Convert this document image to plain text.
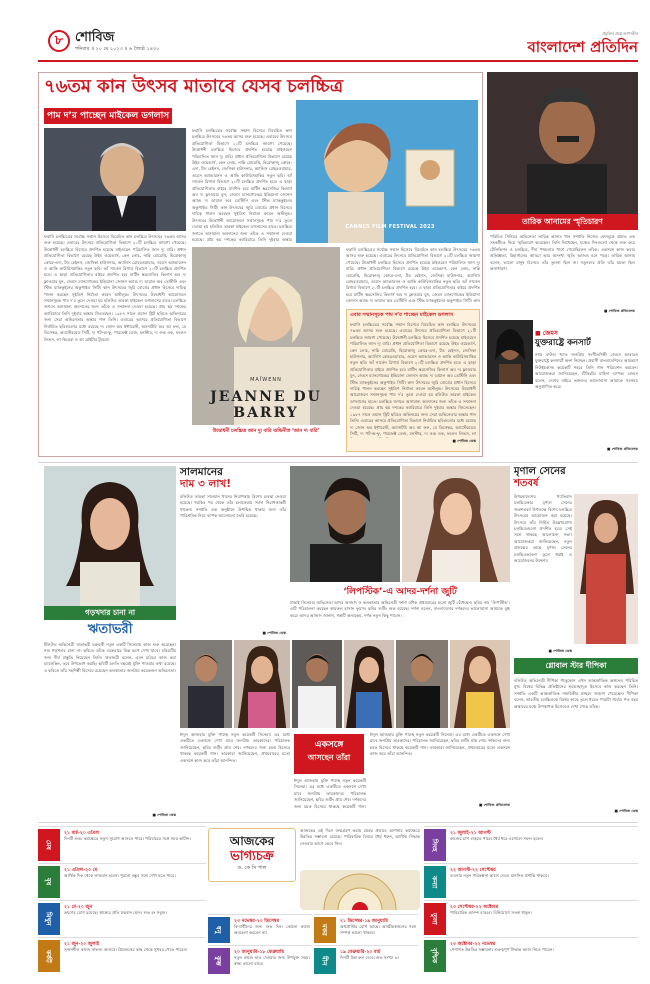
৮ শোবিজ
শনিবার ॥ ২০ মে ২০২৩ ॥ ৬ জ্যৈষ্ঠ ১৪৩০
প্রযুক্তির প্রশ্নে আপসহীন
বাংলাদেশ প্রতিদিন
৭৬তম কান উৎসব মাতাবে যেসব চলচ্চিত্র
পাম দ’র পাচ্ছেন মাইকেল ডগলাস
ফরাসি চলচ্চিত্রের সর্বোচ্চ সম্মান হিসেবে বিবেচিত কান চলচ্চিত্র উৎসবের ৭৬তম আসর শুরু হয়েছে। এবারের উৎসবে প্রতিযোগিতা বিভাগে ২১টি চলচ্চিত্র জায়গা পেয়েছে। উদ্বোধনী চলচ্চিত্র হিসেবে প্রদর্শিত হয়েছে মাইওয়েন পরিচালিত জান দ্যু বারি। প্রধান প্রতিযোগিতা বিভাগে রয়েছে উইম ওয়েন্ডার্স, কেন লোচ, নান্নি মোরেত্তি, হিরোকাজু কোরে-এদা, টড হেইনস, জেসিকা হাউসনার, অ্যালিস রোহরওয়াচার, ওয়েস অ্যান্ডারসন ও আকি কাউরিসমাকির নতুন ছবি। আঁ সার্তেন রিগার্ড বিভাগে ২০টি চলচ্চিত্র প্রদর্শিত হবে। এ ছাড়া প্রতিযোগিতার বাইরে প্রদর্শিত হবে মার্টিন স্করসেজির কিলার্স অব দ্য ফ্লাওয়ার মুন, জেমস ম্যানগোল্ডের ইন্ডিয়ানা জোনস অ্যান্ড দ্য ডায়াল অব ডেস্টিনি এবং স্টিভ ম্যাককুইনের অকুপাইড সিটি। কান উৎসবের জুরি বোর্ডের প্রধান হিসেবে দায়িত্ব পালন করছেন সুইডিশ নির্মাতা রুবেন অস্টলুন্ড। উৎসবের উদ্বোধনী আয়োজনে সম্মানসূচক পাম দ’র তুলে দেওয়া হয় হলিউড তারকা মাইকেল ডগলাসের হাতে। চলচ্চিত্র জগতে অসামান্য অবদানের জন্য তাঁকে এ সম্মাননা দেওয়া হয়েছে। প্রায় ছয় দশকের ক্যারিয়ারে তিনি দুইবার অস্কার জিতেছেন। ১৯৮৭ সালে ওয়াল স্ট্রিট ছবিতে অভিনয়ের জন্য সেরা অভিনেতার অস্কার পান তিনি। এবারের আসরে প্রতিযোগিতা বিভাগে নির্বাচিত ছবিগুলোর মধ্যে রয়েছে দ্য জোন অব ইন্টারেস্ট, অ্যানাটমি অব আ ফল, মে ডিসেম্বর, অ্যাস্টেরয়েড সিটি, দ্য পট-অ-ফু, পারফেক্ট ডেজ, মনস্টার, দ্য ওল্ড ওক, ফলেন লিভস, লা কিমেরা ও আ ব্রাইটার টুমরো।
ফরাসি চলচ্চিত্রের সর্বোচ্চ সম্মান হিসেবে বিবেচিত কান চলচ্চিত্র উৎসবের ৭৬তম আসর শুরু হয়েছে। এবারের উৎসবে প্রতিযোগিতা বিভাগে ২১টি চলচ্চিত্র জায়গা পেয়েছে। উদ্বোধনী চলচ্চিত্র হিসেবে প্রদর্শিত হয়েছে মাইওয়েন পরিচালিত জান দ্যু বারি। প্রধান প্রতিযোগিতা বিভাগে রয়েছে উইম ওয়েন্ডার্স, কেন লোচ, নান্নি মোরেত্তি, হিরোকাজু কোরে-এদা, টড হেইনস, জেসিকা হাউসনার, অ্যালিস রোহরওয়াচার, ওয়েস অ্যান্ডারসন ও আকি কাউরিসমাকির নতুন ছবি। আঁ সার্তেন রিগার্ড বিভাগে ২০টি চলচ্চিত্র প্রদর্শিত হবে। এ ছাড়া প্রতিযোগিতার বাইরে প্রদর্শিত হবে মার্টিন স্করসেজির কিলার্স অব দ্য ফ্লাওয়ার মুন, জেমস ম্যানগোল্ডের ইন্ডিয়ানা জোনস অ্যান্ড দ্য ডায়াল অব ডেস্টিনি এবং স্টিভ ম্যাককুইনের অকুপাইড সিটি। কান উৎসবের জুরি বোর্ডের প্রধান হিসেবে দায়িত্ব পালন করছেন সুইডিশ নির্মাতা রুবেন অস্টলুন্ড। উৎসবের উদ্বোধনী আয়োজনে সম্মানসূচক পাম দ’র তুলে দেওয়া হয় হলিউড তারকা মাইকেল ডগলাসের হাতে। চলচ্চিত্র জগতে অসামান্য অবদানের জন্য তাঁকে এ সম্মাননা দেওয়া হয়েছে। প্রায় ছয় দশকের ক্যারিয়ারে তিনি দুইবার অস্কার
CANNES FILM FESTIVAL 2023
MAÏWENN
JEANNE DU BARRY
উদ্বোধনী চলচ্চিত্র জান দ্যু বারি অভিনীত ‘জান দ্য বারি’
ফরাসি চলচ্চিত্রের সর্বোচ্চ সম্মান হিসেবে বিবেচিত কান চলচ্চিত্র উৎসবের ৭৬তম আসর শুরু হয়েছে। এবারের উৎসবে প্রতিযোগিতা বিভাগে ২১টি চলচ্চিত্র জায়গা পেয়েছে। উদ্বোধনী চলচ্চিত্র হিসেবে প্রদর্শিত হয়েছে মাইওয়েন পরিচালিত জান দ্যু বারি। প্রধান প্রতিযোগিতা বিভাগে রয়েছে উইম ওয়েন্ডার্স, কেন লোচ, নান্নি মোরেত্তি, হিরোকাজু কোরে-এদা, টড হেইনস, জেসিকা হাউসনার, অ্যালিস রোহরওয়াচার, ওয়েস অ্যান্ডারসন ও আকি কাউরিসমাকির নতুন ছবি। আঁ সার্তেন রিগার্ড বিভাগে ২০টি চলচ্চিত্র প্রদর্শিত হবে। এ ছাড়া প্রতিযোগিতার বাইরে প্রদর্শিত হবে মার্টিন স্করসেজির কিলার্স অব দ্য ফ্লাওয়ার মুন, জেমস ম্যানগোল্ডের ইন্ডিয়ানা জোনস অ্যান্ড দ্য ডায়াল অব ডেস্টিনি এবং স্টিভ ম্যাককুইনের অকুপাইড সিটি। কান
এবার সম্মানসূচক পাম দ’র পাচ্ছেন মাইকেল ডগলাস
ফরাসি চলচ্চিত্রের সর্বোচ্চ সম্মান হিসেবে বিবেচিত কান চলচ্চিত্র উৎসবের ৭৬তম আসর শুরু হয়েছে। এবারের উৎসবে প্রতিযোগিতা বিভাগে ২১টি চলচ্চিত্র জায়গা পেয়েছে। উদ্বোধনী চলচ্চিত্র হিসেবে প্রদর্শিত হয়েছে মাইওয়েন পরিচালিত জান দ্যু বারি। প্রধান প্রতিযোগিতা বিভাগে রয়েছে উইম ওয়েন্ডার্স, কেন লোচ, নান্নি মোরেত্তি, হিরোকাজু কোরে-এদা, টড হেইনস, জেসিকা হাউসনার, অ্যালিস রোহরওয়াচার, ওয়েস অ্যান্ডারসন ও আকি কাউরিসমাকির নতুন ছবি। আঁ সার্তেন রিগার্ড বিভাগে ২০টি চলচ্চিত্র প্রদর্শিত হবে। এ ছাড়া প্রতিযোগিতার বাইরে প্রদর্শিত হবে মার্টিন স্করসেজির কিলার্স অব দ্য ফ্লাওয়ার মুন, জেমস ম্যানগোল্ডের ইন্ডিয়ানা জোনস অ্যান্ড দ্য ডায়াল অব ডেস্টিনি এবং স্টিভ ম্যাককুইনের অকুপাইড সিটি। কান উৎসবের জুরি বোর্ডের প্রধান হিসেবে দায়িত্ব পালন করছেন সুইডিশ নির্মাতা রুবেন অস্টলুন্ড। উৎসবের উদ্বোধনী আয়োজনে সম্মানসূচক পাম দ’র তুলে দেওয়া হয় হলিউড তারকা মাইকেল ডগলাসের হাতে। চলচ্চিত্র জগতে অসামান্য অবদানের জন্য তাঁকে এ সম্মাননা দেওয়া হয়েছে। প্রায় ছয় দশকের ক্যারিয়ারে তিনি দুইবার অস্কার জিতেছেন। ১৯৮৭ সালে ওয়াল স্ট্রিট ছবিতে অভিনয়ের জন্য সেরা অভিনেতার অস্কার পান তিনি। এবারের আসরে প্রতিযোগিতা বিভাগে নির্বাচিত ছবিগুলোর মধ্যে রয়েছে দ্য জোন অব ইন্টারেস্ট, অ্যানাটমি অব আ ফল, মে ডিসেম্বর, অ্যাস্টেরয়েড সিটি, দ্য পট-অ-ফু, পারফেক্ট ডেজ, মনস্টার, দ্য ওল্ড ওক, ফলেন লিভস, লা
■ শোবিজ ডেস্ক
তারিক আনামের স্মৃতিচারণ
পরিচিত সিনিয়র অভিনেতা তারিক আনাম খান সম্প্রতি নিজের ফেসবুকে প্রয়াত এক সহকর্মীকে নিয়ে স্মৃতিচারণ করেছেন। তিনি লিখেছেন, মঞ্চের দিনগুলো থেকে শুরু করে টেলিভিশন ও চলচ্চিত্র, দীর্ঘ পথচলায় পাশে পেয়েছিলেন তাঁকে। একসঙ্গে কাজ করার অভিজ্ঞতা, রিহার্সালের আড্ডা আর অসংখ্য স্মৃতি আজও মনে পড়ে। তারিক আনাম বলেন, ভালো মানুষ হিসেবে তাঁর তুলনা ছিল না। নতুনদের প্রতি তাঁর মমতা ছিল অসাধারণ।
■ শোবিজ প্রতিবেদক
■ জেমস
যুক্তরাষ্ট্রে কনসার্ট
নগর বাউল খ্যাত জনপ্রিয় সংগীতশিল্পী জেমস আবারও যুক্তরাষ্ট্রে কনসার্টে অংশ নিচ্ছেন। প্রবাসী বাংলাদেশিদের আমন্ত্রণে নিউইয়র্কসহ কয়েকটি শহরে তিনি গান পরিবেশন করবেন। আয়োজকরা জানিয়েছেন, টিকিটের চাহিদা ব্যাপক। জেমস বলেন, দেশের বাইরে ভক্তদের ভালোবাসা আমাকে সবসময় অনুপ্রাণিত করে।
■ শোবিজ প্রতিবেদক
সালমানের
দাম ৩ লাখ!
বলিউড তারকা সালমান খানের নিরাপত্তায় বিশেষ ব্যবস্থা নেওয়া হয়েছে। হুমকির পর থেকে তাঁর চলাফেরায় সর্বদা নিরাপত্তাকর্মী থাকেন। সম্প্রতি এক অনুষ্ঠানে উপস্থিত থাকার জন্য তাঁর পারিশ্রমিক নিয়ে ব্যাপক আলোচনা তৈরি হয়েছে।
■ শোবিজ ডেস্ক
গড়খদার চানা না
ঋতাভরী
টলিউড অভিনেত্রী ঋতাভরী চক্রবর্তী নতুন একটি সিনেমায় কাজ শুরু করেছেন। নাম গড়খদার চানা না। ছবিতে তাঁকে একেবারে ভিন্ন রূপে দেখা যাবে। চরিত্রটির জন্য দীর্ঘ প্রস্তুতি নিয়েছেন তিনি। ঋতাভরী বলেন, এমন চরিত্রে কাজ করা চ্যালেঞ্জিং, তবে উপভোগ করছি। ছবিটি চলতি বছরেই মুক্তি পাওয়ার কথা রয়েছে। এ ছবিতে তাঁর সহশিল্পী হিসেবে রয়েছেন কলকাতার জনপ্রিয় কয়েকজন অভিনেতা।
■ শোবিজ ডেস্ক
‘লিপস্টিক’-এ আদর-দর্শনা জুটি
ঢাকাই সিনেমার অভিনেতা আদর আজাদ ও কলকাতার অভিনেত্রী দর্শনা বণিক প্রথমবারের মতো জুটি বেঁধেছেন। ছবির নাম ‘লিপস্টিক’। এটি পরিচালনা করছেন কামরুল হাসান ফুয়াদ। ছবির শুটিং শুরু হয়েছে। দর্শনা বলেন, বাংলাদেশের দর্শকদের ভালোবাসা আমাকে মুগ্ধ করে। আদর আজাদ জানান, গল্পটি অন্যরকম, দর্শক নতুন কিছু পাবেন।
মৃণাল সেনের
শতবর্ষ
উপমহাদেশের খ্যাতিমান চলচ্চিত্রকার মৃণাল সেনের জন্মশতবর্ষ উপলক্ষে বিশেষ চলচ্চিত্র উৎসবের আয়োজন করা হয়েছে। উৎসবে তাঁর নির্মিত উল্লেখযোগ্য চলচ্চিত্রগুলো প্রদর্শিত হবে। সেই সঙ্গে থাকছে আলোচনা সভা। আয়োজকরা জানিয়েছেন, নতুন প্রজন্মের কাছে মৃণাল সেনের চলচ্চিত্রভাবনা তুলে ধরাই এ আয়োজনের উদ্দেশ্য।
■ শোবিজ ডেস্ক
ঈদুল আজহায় মুক্তি পাচ্ছে নতুন কয়েকটি সিনেমা। এর মধ্যে একটিতে একসঙ্গে দেখা যাবে জনপ্রিয় তারকাদের। পরিচালক জানিয়েছেন, ছবির শুটিং প্রায় শেষ। দর্শকদের জন্য চমক হিসেবে থাকছে কয়েকটি গান। তারকারা জানিয়েছেন, প্রথমবারের মতো একসঙ্গে কাজ করে তাঁরা আনন্দিত।
একসঙ্গে
আসছেন তাঁরা
ঈদুল আজহায় মুক্তি পাচ্ছে নতুন কয়েকটি সিনেমা। এর মধ্যে একটিতে একসঙ্গে দেখা যাবে জনপ্রিয় তারকাদের। পরিচালক জানিয়েছেন, ছবির শুটিং প্রায় শেষ। দর্শকদের জন্য চমক হিসেবে থাকছে কয়েকটি গান।
ঈদুল আজহায় মুক্তি পাচ্ছে নতুন কয়েকটি সিনেমা। এর মধ্যে একটিতে একসঙ্গে দেখা যাবে জনপ্রিয় তারকাদের। পরিচালক জানিয়েছেন, ছবির শুটিং প্রায় শেষ। দর্শকদের জন্য চমক হিসেবে থাকছে কয়েকটি গান। তারকারা জানিয়েছেন, প্রথমবারের মতো একসঙ্গে কাজ করে তাঁরা আনন্দিত।
■ শোবিজ প্রতিবেদক
গ্লোবাল স্টার দীপিকা
বলিউড অভিনেত্রী দীপিকা পাড়ুকোন এখন আন্তর্জাতিক অঙ্গনেও পরিচিত মুখ। বিশ্বের বিভিন্ন প্রতিষ্ঠানের শুভেচ্ছাদূত হিসেবে কাজ করছেন তিনি। সম্প্রতি একটি আন্তর্জাতিক সাময়িকীর প্রচ্ছদে জায়গা পেয়েছেন। দীপিকা বলেন, ভারতীয় চলচ্চিত্রকে বিশ্বের কাছে তুলে ধরতে পারাটা গর্বের। গত বছর অস্কারের মঞ্চে উপস্থাপক হিসেবেও দেখা গেছে তাঁকে।
■ শোবিজ ডেস্ক
মেষ
২১ মার্চ-২০ এপ্রিল
দিনটি শুভ। কর্মক্ষেত্রে নতুন সুযোগ আসতে পারে। পরিবারের সঙ্গে সময় কাটান।
বৃষ
২১ এপ্রিল-২০ মে
আর্থিক দিক থেকে লাভবান হবেন। পুরনো বন্ধুর সঙ্গে দেখা হতে পারে।
মিথুন
২১ মে-২০ জুন
ভ্রমণের যোগ রয়েছে। স্বাস্থ্যের প্রতি যত্নবান হোন। শুভ রং সবুজ।
কর্কট
২১ জুন-২০ জুলাই
সৃজনশীল কাজে সাফল্য আসবে। প্রিয়জনের কাছ থেকে সুখবর পেতে পারেন।
আজকের
ভাগ্যচক্র
ড. কে সি পাল
আজকের এই দিনে জন্মগ্রহণ করায় গ্রহের প্রভাবে আপনার কর্মক্ষেত্রে উন্নতির সম্ভাবনা রয়েছে। পারিবারিক বিষয়ে ধৈর্য ধরুন, আর্থিক সিদ্ধান্ত নেওয়ার আগে ভেবে নিন।	সিংহ
২১ জুলাই-২১ আগস্ট
কাজের চাপ বাড়তে পারে। ধৈর্য ধরে এগোলে সফল হবেন।
কন্যা
২২ আগস্ট-২২ সেপ্টেম্বর
ব্যবসায় নতুন পরিকল্পনা কাজে দেবে। মানসিক প্রশান্তি থাকবে।
তুলা
২৩ সেপ্টেম্বর-২২ অক্টোবর
পারিবারিক আনন্দ বাড়বে। বিনিয়োগে সতর্ক থাকুন।
বৃশ্চিক
২৩ অক্টোবর-২২ নভেম্বর
পেশাগত উন্নতির সম্ভাবনা। গুরুত্বপূর্ণ সিদ্ধান্ত আজ নিতে পারেন।
ধনু
২৩ নভেম্বর-২০ ডিসেম্বর
বিদ্যার্থীদের জন্য শুভ দিন। কোনো কাজে অবহেলা করবেন না।	মকর
২১ ডিসেম্বর-১৯ জানুয়ারি
অর্থপ্রাপ্তির যোগ আছে। আত্মীয়স্বজনের সঙ্গে সম্পর্ক ভালো থাকবে।
কুম্ভ
২০ জানুয়ারি-১৮ ফেব্রুয়ারি
নতুন কাজে হাত দেওয়ার জন্য উপযুক্ত সময়। স্বাস্থ্য ভালো যাবে।	মীন
১৯ ফেব্রুয়ারি-২০ মার্চ
দিনটি মিশ্র ফল দেবে। শুভ সংখ্যা ৬।
